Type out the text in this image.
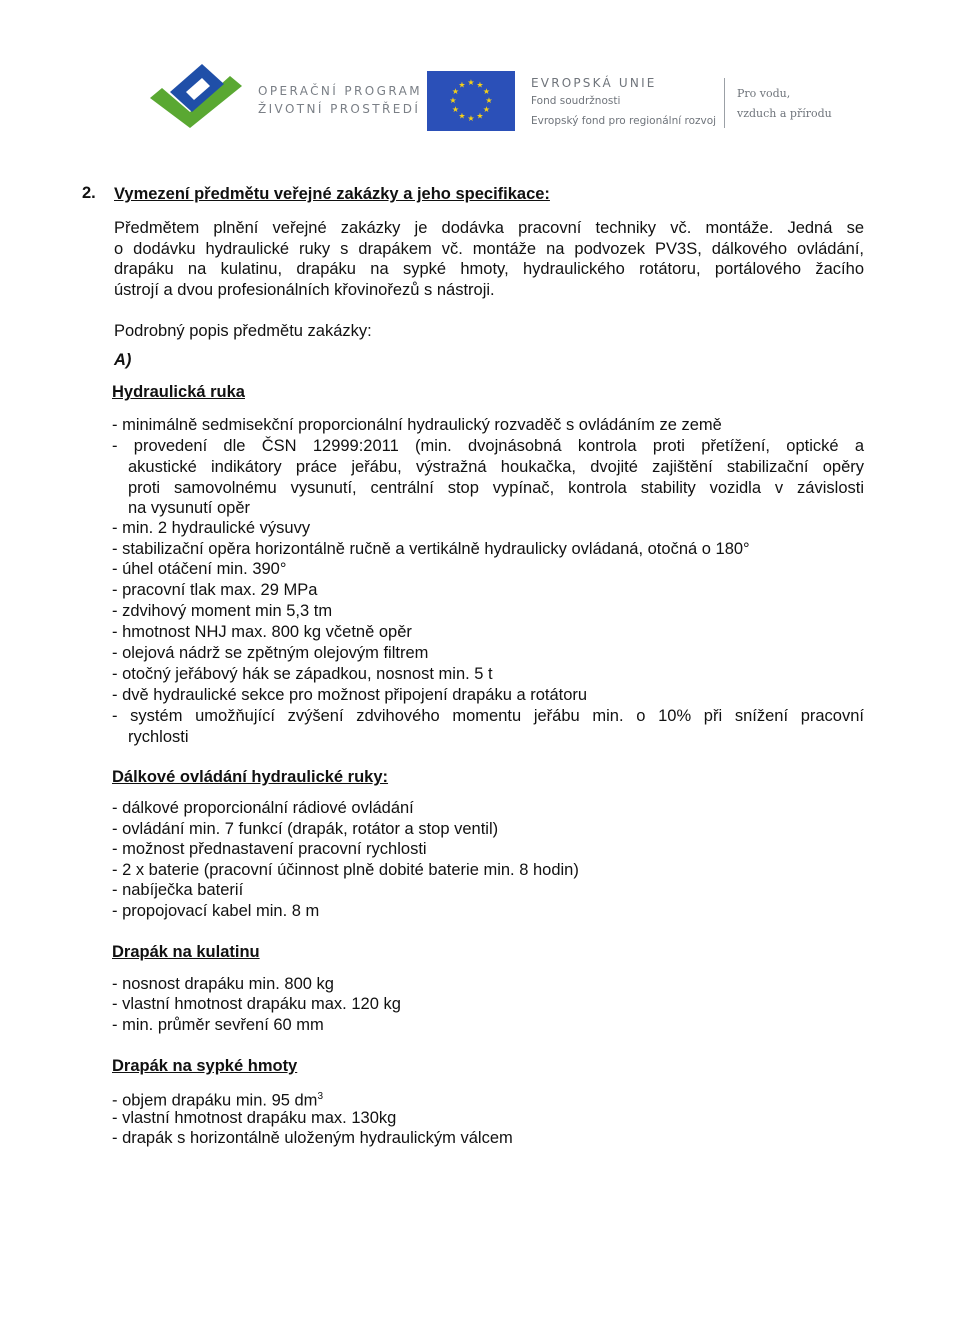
OPERAČNÍ PROGRAM
ŽIVOTNÍ PROSTŘEDÍ
★ ★
★
★
★
★
★
★
★
★
★
★	EVROPSKÁ UNIE
Fond soudržnosti
Evropský fond pro regionální rozvoj
Pro vodu,
vzduch a přírodu
2. Vymezení předmětu veřejné zakázky a jeho specifikace:
Předmětem plnění veřejné zakázky je dodávka pracovní techniky vč. montáže. Jedná se
o dodávku hydraulické ruky s drapákem vč. montáže na podvozek PV3S, dálkového ovládání,
drapáku na kulatinu, drapáku na sypké hmoty, hydraulického rotátoru, portálového žacího
ústrojí a dvou profesionálních křovinořezů s nástroji.
Podrobný popis předmětu zakázky:
A)
Hydraulická ruka
- minimálně sedmisekční proporcionální hydraulický rozvaděč s ovládáním ze země
- provedení dle ČSN 12999:2011 (min. dvojnásobná kontrola proti přetížení, optické a
akustické indikátory práce jeřábu, výstražná houkačka, dvojité zajištění stabilizační opěry
proti samovolnému vysunutí, centrální stop vypínač, kontrola stability vozidla v závislosti
na vysunutí opěr
- min. 2 hydraulické výsuvy
- stabilizační opěra horizontálně ručně a vertikálně hydraulicky ovládaná, otočná o 180°
- úhel otáčení min. 390°
- pracovní tlak max. 29 MPa
- zdvihový moment min 5,3 tm
- hmotnost NHJ max. 800 kg včetně opěr
- olejová nádrž se zpětným olejovým filtrem
- otočný jeřábový hák se západkou, nosnost min. 5 t
- dvě hydraulické sekce pro možnost připojení drapáku a rotátoru
- systém umožňující zvýšení zdvihového momentu jeřábu min. o 10% při snížení pracovní
rychlosti
Dálkové ovládání hydraulické ruky:
- dálkové proporcionální rádiové ovládání
- ovládání min. 7 funkcí (drapák, rotátor a stop ventil)
- možnost přednastavení pracovní rychlosti
- 2 x baterie (pracovní účinnost plně dobité baterie min. 8 hodin)
- nabíječka baterií
- propojovací kabel min. 8 m
Drapák na kulatinu
- nosnost drapáku min. 800 kg
- vlastní hmotnost drapáku max. 120 kg
- min. průměr sevření 60 mm
Drapák na sypké hmoty
- objem drapáku min. 95 $dm^3$
- vlastní hmotnost drapáku max. 130kg
- drapák s horizontálně uloženým hydraulickým válcem
